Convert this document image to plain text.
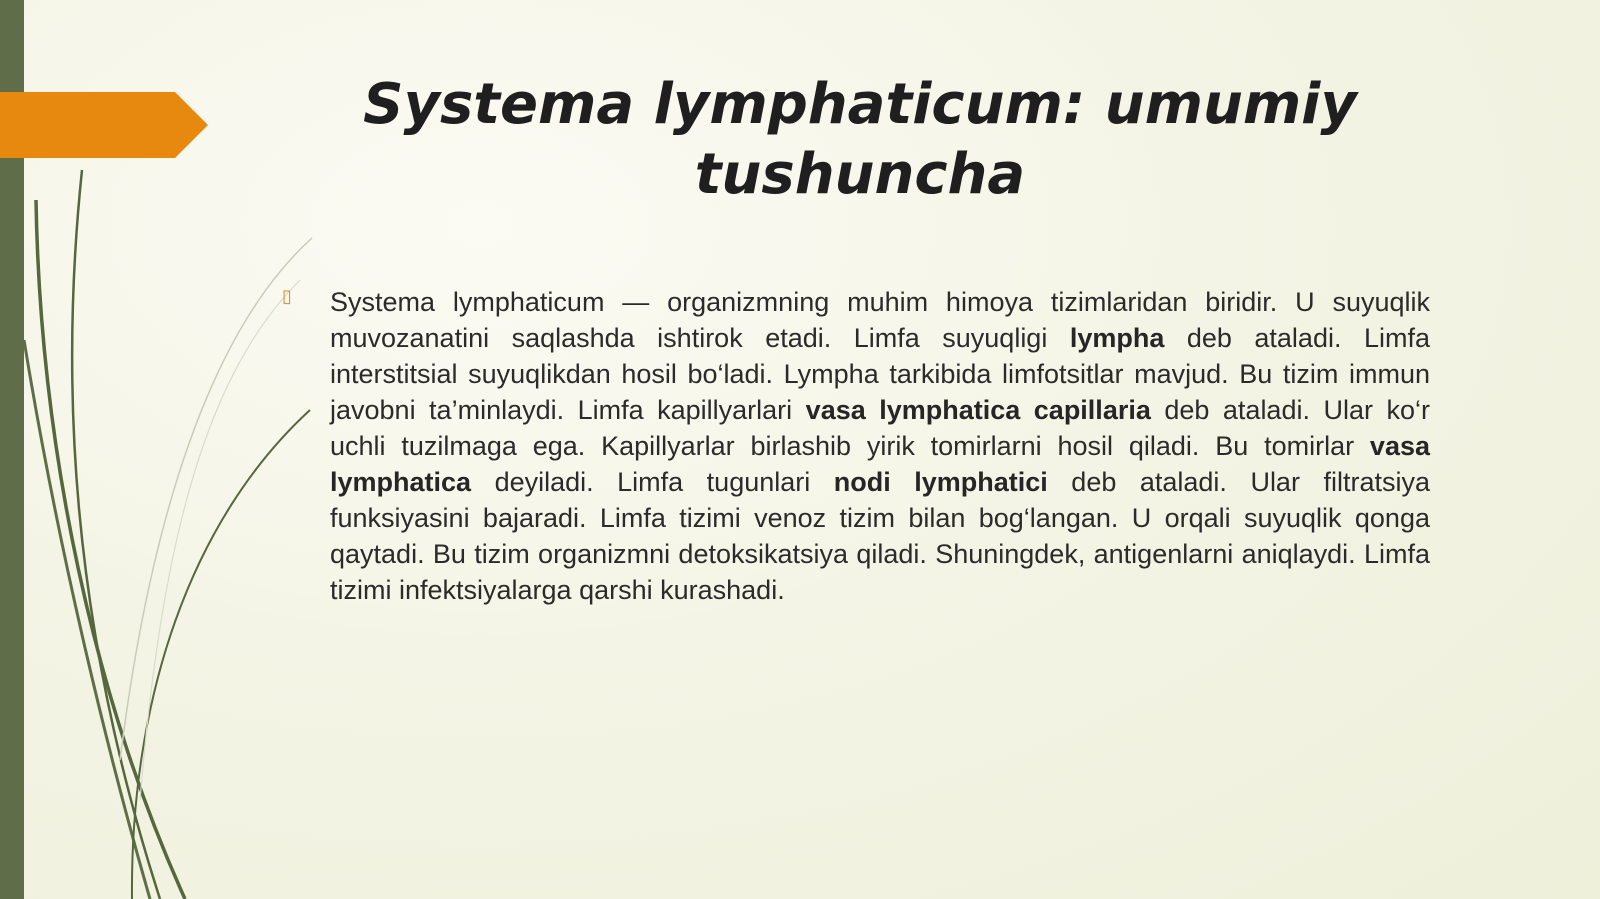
Systema lymphaticum: umumiy tushuncha
▯ Systema lymphaticum — organizmning muhim himoya tizimlaridan biridir. U suyuqlik muvozanatini saqlashda ishtirok etadi. Limfa suyuqligi lympha deb ataladi. Limfa interstitsial suyuqlikdan hosil bo‘ladi. Lympha tarkibida limfotsitlar mavjud. Bu tizim immun javobni ta’minlaydi. Limfa kapillyarlari vasa lymphatica capillaria deb ataladi. Ular ko‘r uchli tuzilmaga ega. Kapillyarlar birlashib yirik tomirlarni hosil qiladi. Bu tomirlar vasa lymphatica deyiladi. Limfa tugunlari nodi lymphatici deb ataladi. Ular filtratsiya funksiyasini bajaradi. Limfa tizimi venoz tizim bilan bog‘langan. U orqali suyuqlik qonga qaytadi. Bu tizim organizmni detoksikatsiya qiladi. Shuningdek, antigenlarni aniqlaydi. Limfa tizimi infektsiyalarga qarshi kurashadi.
